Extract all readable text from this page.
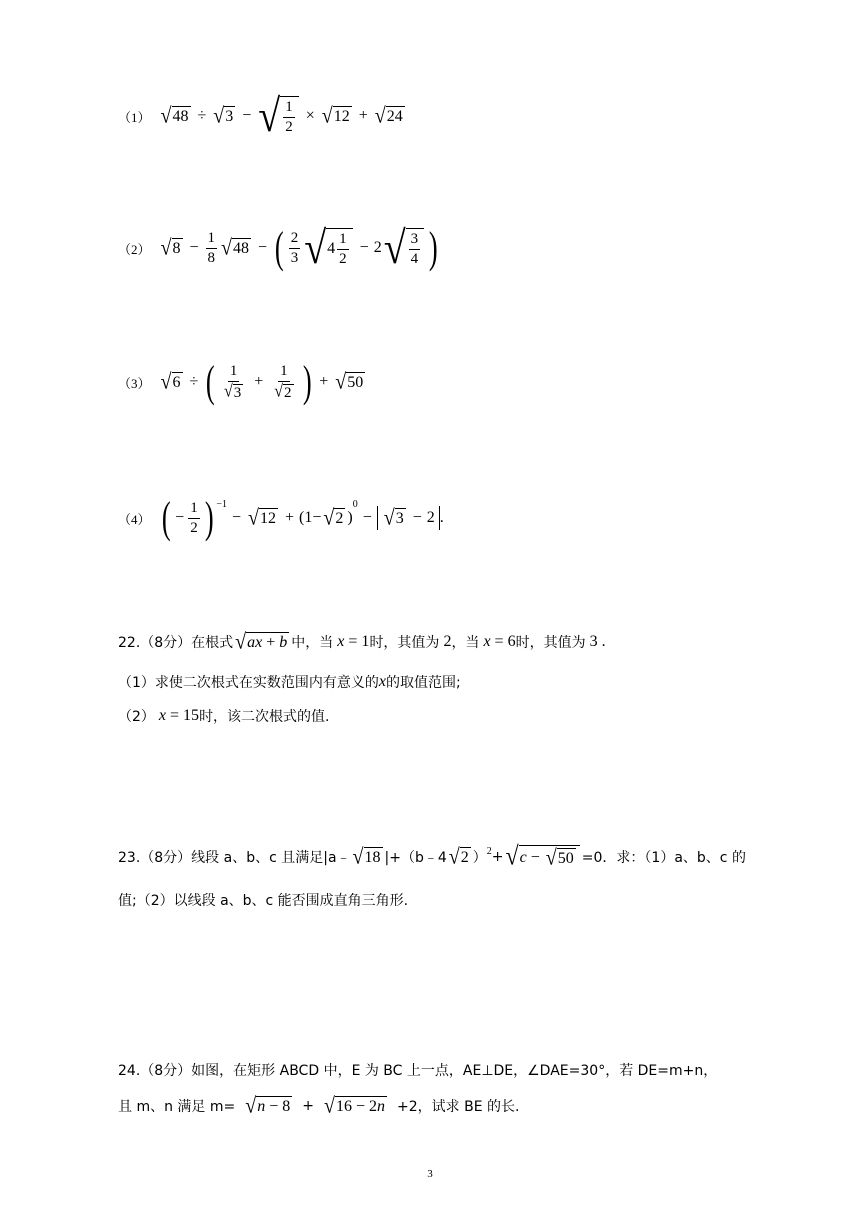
（1） √ 48 ÷ √ 3 − √ $\frac{1}{2}$ × √ 12 + √ 24
（2） √ $8 - \frac{1}{8}$ √ 48 − ( $\frac{2}{3}$ √ $4 \frac{1}{2} - 2$ √ $\frac{3}{4}$ )
（3） √ 6 ÷ ( $\frac{1}{√ 3} + \frac{1}{√ 2}$ ) + √ 50
（4） ( − $\frac{1}{2}$ ) −1
− √ 12 + (1− √ 2 )
0
− √ 3 − 2 .
22.（8分）在根式 √ ax + b 中，当 x = 1 时，其值为 2 ，当 x = 6 时，其值为 3 .
（1）求使二次根式在实数范围内有意义的 x 的取值范围;
（2） x = 15 时，该二次根式的值.
23.（8分）线段 a、b、c 且满足|a﹣ √ 18 |+（b﹣4 √ 2 ） 2 + √ c − √ 50 =0．求：（1）a、b、c 的
值;（2）以线段 a、b、c 能否围成直角三角形.
24.（8分）如图，在矩形 ABCD 中，E 为 BC 上一点，AE⊥DE，∠DAE=30°，若 DE=m+n，
且 m、n 满足 m=
√ n − 8
+
√ 16 − 2 n
+2，试求 BE 的长.
3
